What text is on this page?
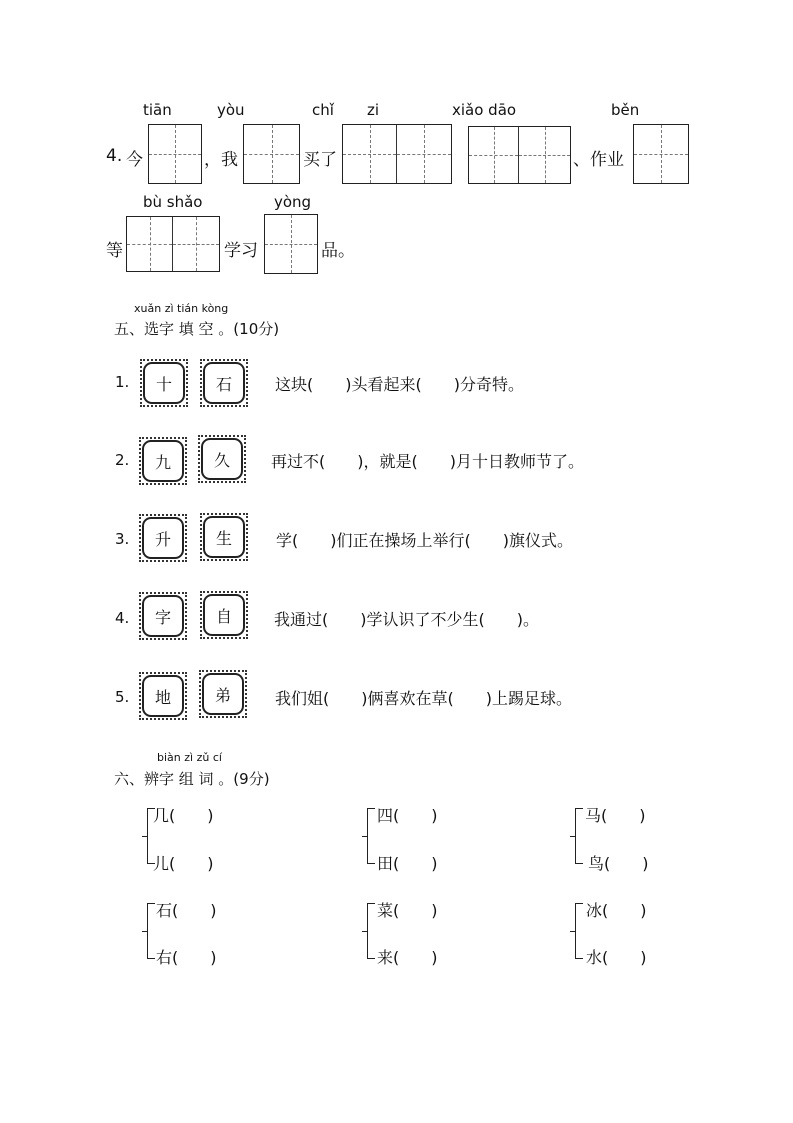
tiān	yòu	chǐ zi	xiǎo dāo	běn
4. 今	，我	买了	、作业
bù shǎo	yòng
等	学习	品。
xuǎn zì tián kòng
五、选字 填 空 。(10分)
1.	十	石	这块(　　)头看起来(　　)分奇特。
2.	九	久	再过不(　　)，就是(　　)月十日教师节了。
3.	升	生	学(　　)们正在操场上举行(　　)旗仪式。
4.	字	自	我通过(　　)学认识了不少生(　　)。
5.	地	弟	我们姐(　　)俩喜欢在草(　　)上踢足球。
biàn zì zǔ cí
六、辨字 组 词 。(9分)
几(　　)
儿(　　)
四(　　)
田(　　)
马(　　)
鸟(　　)
石(　　)
右(　　)
菜(　　)
来(　　)
冰(　　)
水(　　)
